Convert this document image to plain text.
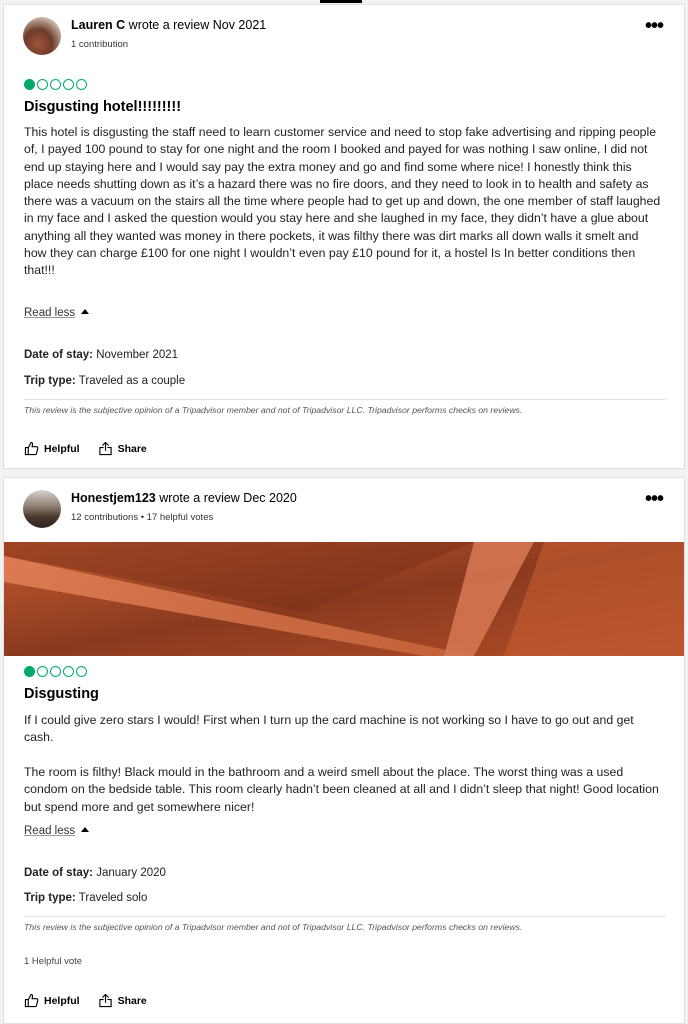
Lauren C wrote a review Nov 2021
1 contribution
•••
Disgusting hotel!!!!!!!!!
This hotel is disgusting the staff need to learn customer service and need to stop fake advertising and ripping people of, I payed 100 pound to stay for one night and the room I booked and payed for was nothing I saw online, I did not end up staying here and I would say pay the extra money and go and find some where nice! I honestly think this place needs shutting down as it’s a hazard there was no fire doors, and they need to look in to health and safety as there was a vacuum on the stairs all the time where people had to get up and down, the one member of staff laughed in my face and I asked the question would you stay here and she laughed in my face, they didn’t have a glue about anything all they wanted was money in there pockets, it was filthy there was dirt marks all down walls it smelt and how they can charge £100 for one night I wouldn’t even pay £10 pound for it, a hostel Is In better conditions then that!!!
Read less
Date of stay: November 2021
Trip type: Traveled as a couple
This review is the subjective opinion of a Tripadvisor member and not of Tripadvisor LLC. Tripadvisor performs checks on reviews.
Helpful	Share
Honestjem123 wrote a review Dec 2020
12 contributions • 17 helpful votes
•••
Disgusting
If I could give zero stars I would! First when I turn up the card machine is not working so I have to go out and get cash.
The room is filthy! Black mould in the bathroom and a weird smell about the place. The worst thing was a used condom on the bedside table. This room clearly hadn’t been cleaned at all and I didn’t sleep that night! Good location but spend more and get somewhere nicer!
Read less
Date of stay: January 2020
Trip type: Traveled solo
This review is the subjective opinion of a Tripadvisor member and not of Tripadvisor LLC. Tripadvisor performs checks on reviews.
1 Helpful vote
Helpful	Share
